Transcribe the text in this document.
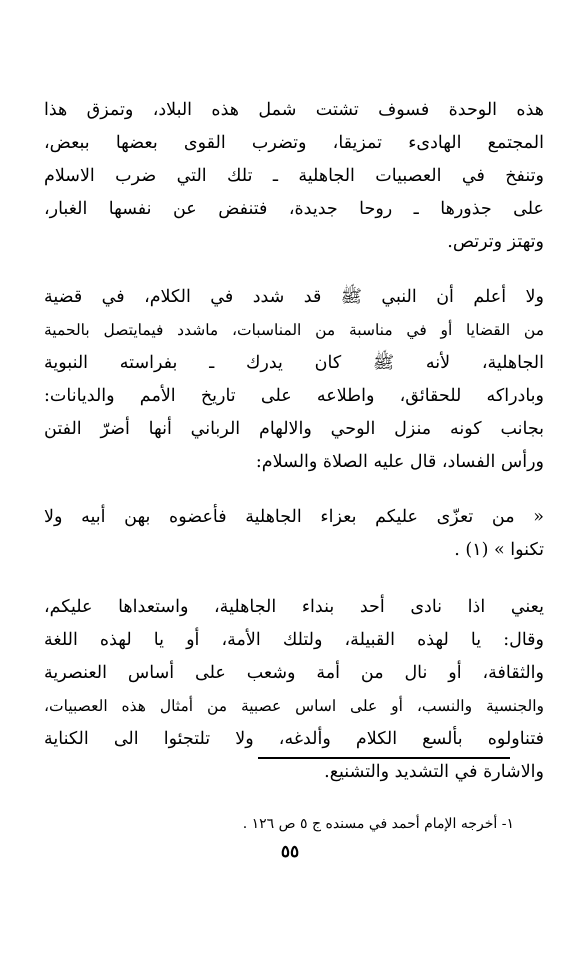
هذه الوحدة فسوف تشتت شمل هذه البلاد، وتمزق هذا
المجتمع الهادىء تمزيقا، وتضرب القوى بعضها ببعض،
وتنفخ في العصبيات الجاهلية ـ تلك التي ضرب الاسلام
على جذورها ـ روحا جديدة، فتنفض عن نفسها الغبار،
وتهتز وترتص.
ولا أعلم أن النبي ﷺ قد شدد في الكلام، في قضية
من القضايا أو في مناسبة من المناسبات، ماشدد فيمايتصل بالحمية
الجاهلية، لأنه ﷺ كان يدرك ـ بفراسته النبوية
وبادراكه للحقائق، واطلاعه على تاريخ الأمم والديانات:
بجانب كونه منزل الوحي والالهام الرباني أنها أضرّ الفتن
ورأس الفساد، قال عليه الصلاة والسلام:
« من تعزّى عليكم بعزاء الجاهلية فأعضوه بهن أبيه ولا
تكنوا » (١) .
يعني اذا نادى أحد بنداء الجاهلية، واستعداها عليكم،
وقال: يا لهذه القبيلة، ولتلك الأمة، أو يا لهذه اللغة
والثقافة، أو نال من أمة وشعب على أساس العنصرية
والجنسية والنسب، أو على اساس عصبية من أمثال هذه العصبيات،
فتناولوه بألسع الكلام وألدغه، ولا تلتجئوا الى الكناية
والاشارة في التشديد والتشنيع.
١- أخرجه الإمام أحمد في مسنده ج ٥ ص ١٢٦ .
٥٥
